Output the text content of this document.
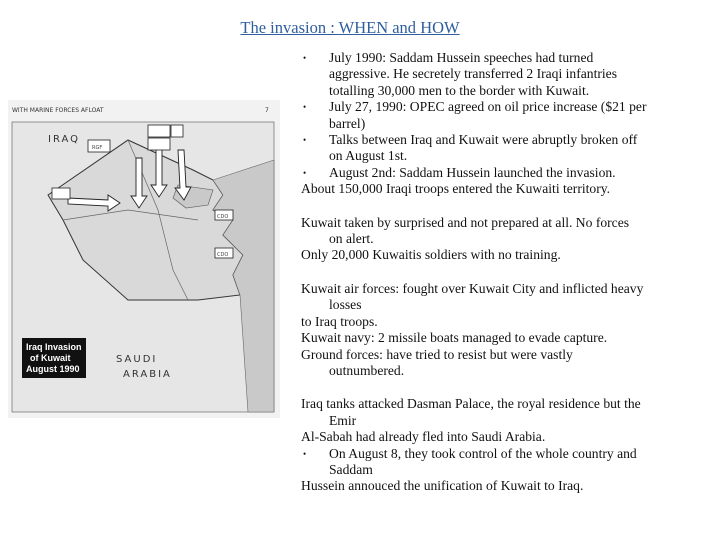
The invasion : WHEN and HOW
WITH MARINE FORCES AFLOAT	7
RGF
CDO
CDO
IRAQ
SAUDI
ARABIA
Iraq Invasion
of Kuwait
August 1990
•	July 1990: Saddam Hussein speeches had turned
aggressive. He secretely transferred 2 Iraqi infantries
totalling 30,000 men to the border with Kuwait.
•	July 27, 1990: OPEC agreed on oil price increase ($21 per
barrel)
•	Talks between Iraq and Kuwait were abruptly broken off
on August 1st.
•	August 2nd: Saddam Hussein launched the invasion.

About 150,000 Iraqi troops entered the Kuwaiti territory.

Kuwait taken by surprised and not prepared at all. No forces

on alert.

Only 20,000 Kuwaitis soldiers with no training.

Kuwait air forces: fought over Kuwait City and inflicted heavy

losses

to Iraq troops.

Kuwait navy: 2 missile boats managed to evade capture.

Ground forces: have tried to resist but were vastly

outnumbered.

Iraq tanks attacked Dasman Palace, the royal residence but the

Emir

Al-Sabah had already fled into Saudi Arabia.

•	On August 8, they took control of the whole country and
Saddam

Hussein annouced the unification of Kuwait to Iraq.
